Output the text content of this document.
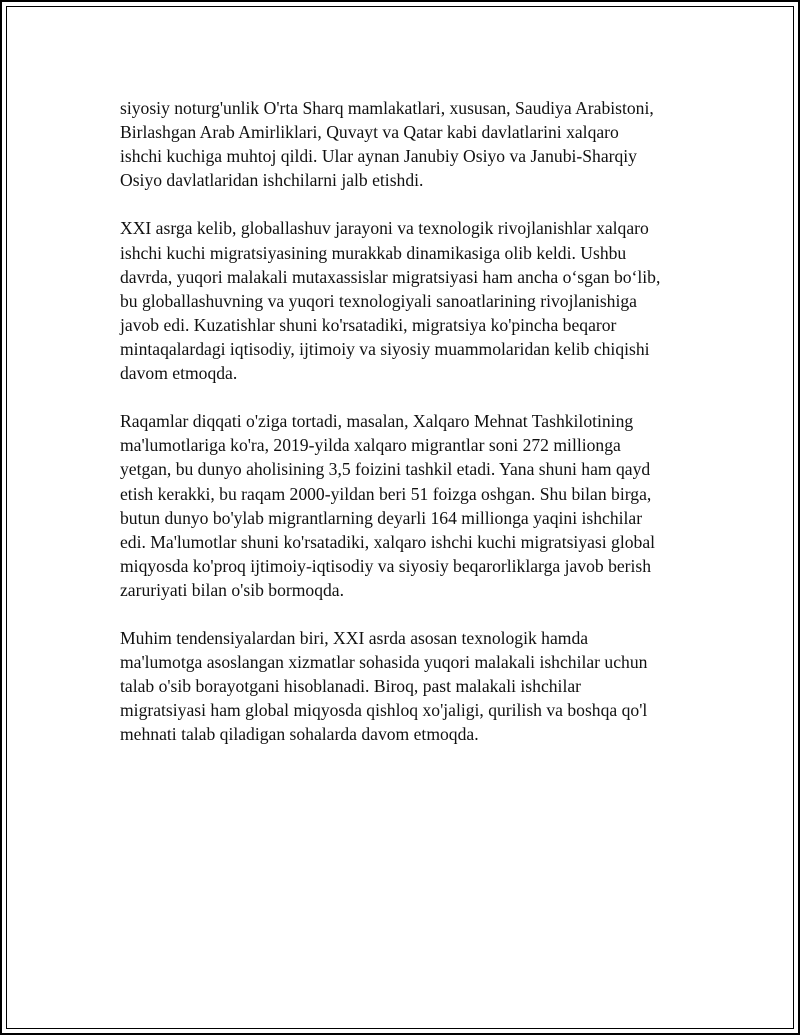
siyosiy noturg'unlik O'rta Sharq mamlakatlari, xususan, Saudiya Arabistoni,
Birlashgan Arab Amirliklari, Quvayt va Qatar kabi davlatlarini xalqaro
ishchi kuchiga muhtoj qildi. Ular aynan Janubiy Osiyo va Janubi-Sharqiy
Osiyo davlatlaridan ishchilarni jalb etishdi.

XXI asrga kelib, globallashuv jarayoni va texnologik rivojlanishlar xalqaro
ishchi kuchi migratsiyasining murakkab dinamikasiga olib keldi. Ushbu
davrda, yuqori malakali mutaxassislar migratsiyasi ham ancha o‘sgan bo‘lib,
bu globallashuvning va yuqori texnologiyali sanoatlarining rivojlanishiga
javob edi. Kuzatishlar shuni ko'rsatadiki, migratsiya ko'pincha beqaror
mintaqalardagi iqtisodiy, ijtimoiy va siyosiy muammolaridan kelib chiqishi
davom etmoqda.

Raqamlar diqqati o'ziga tortadi, masalan, Xalqaro Mehnat Tashkilotining
ma'lumotlariga ko'ra, 2019-yilda xalqaro migrantlar soni 272 millionga
yetgan, bu dunyo aholisining 3,5 foizini tashkil etadi. Yana shuni ham qayd
etish kerakki, bu raqam 2000-yildan beri 51 foizga oshgan. Shu bilan birga,
butun dunyo bo'ylab migrantlarning deyarli 164 millionga yaqini ishchilar
edi. Ma'lumotlar shuni ko'rsatadiki, xalqaro ishchi kuchi migratsiyasi global
miqyosda ko'proq ijtimoiy-iqtisodiy va siyosiy beqarorliklarga javob berish
zaruriyati bilan o'sib bormoqda.

Muhim tendensiyalardan biri, XXI asrda asosan texnologik hamda
ma'lumotga asoslangan xizmatlar sohasida yuqori malakali ishchilar uchun
talab o'sib borayotgani hisoblanadi. Biroq, past malakali ishchilar
migratsiyasi ham global miqyosda qishloq xo'jaligi, qurilish va boshqa qo'l
mehnati talab qiladigan sohalarda davom etmoqda.
